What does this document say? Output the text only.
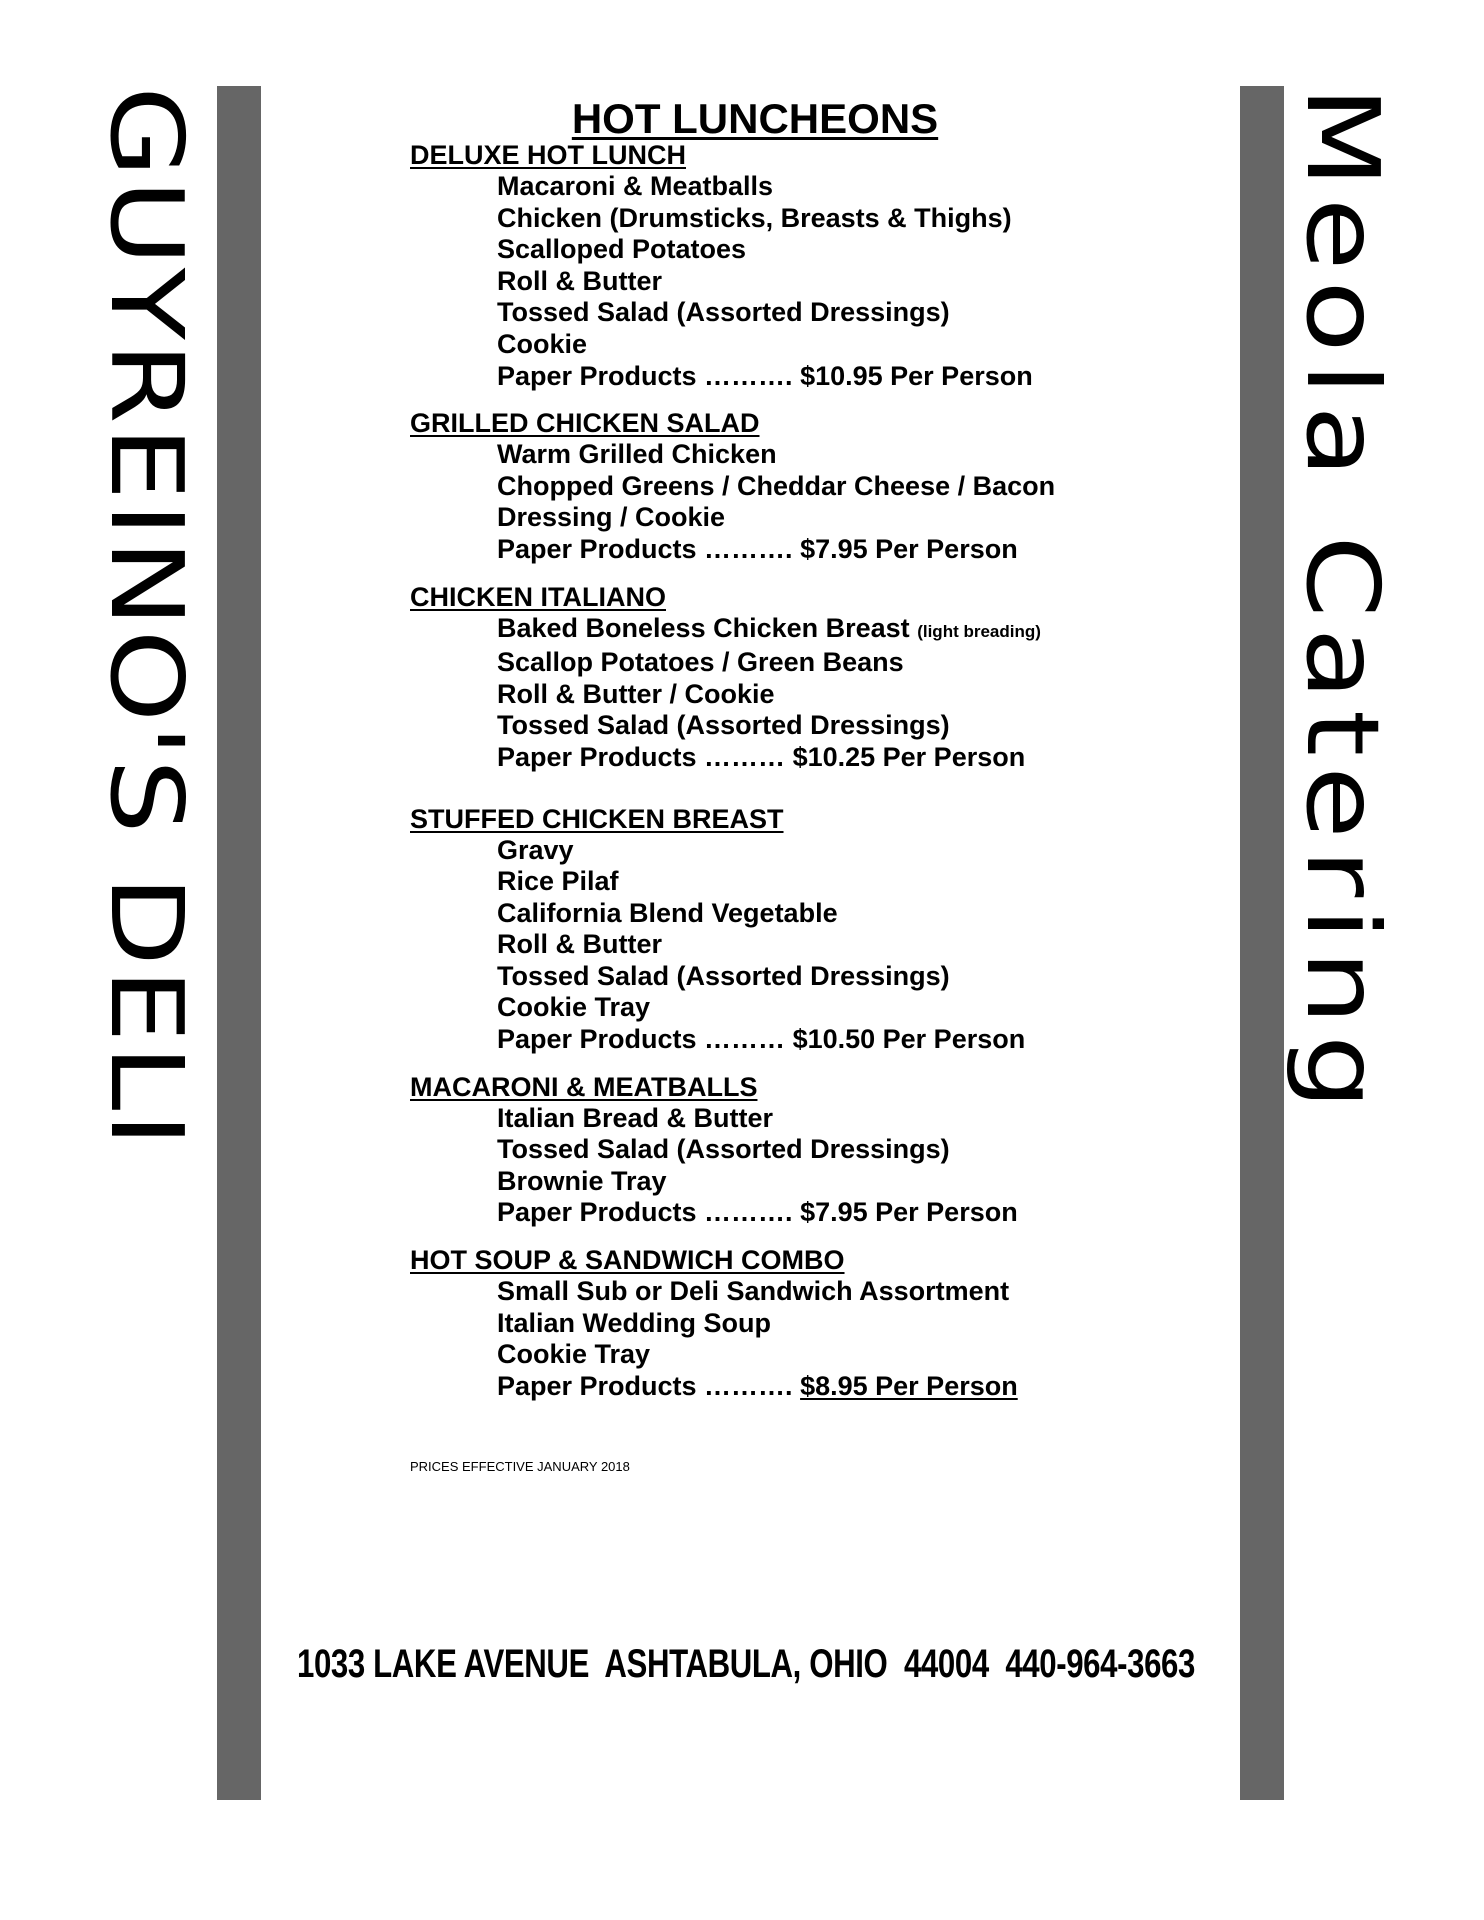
GUYREINO'S DELI	Meola Catering
HOT LUNCHEONS
DELUXE HOT LUNCH
Macaroni & Meatballs
Chicken (Drumsticks, Breasts & Thighs)
Scalloped Potatoes
Roll & Butter
Tossed Salad (Assorted Dressings)
Cookie
Paper Products ………. $10.95 Per Person
GRILLED CHICKEN SALAD
Warm Grilled Chicken
Chopped Greens / Cheddar Cheese / Bacon
Dressing / Cookie
Paper Products ………. $7.95 Per Person
CHICKEN ITALIANO
Baked Boneless Chicken Breast (light breading)
Scallop Potatoes / Green Beans
Roll & Butter / Cookie
Tossed Salad (Assorted Dressings)
Paper Products ……… $10.25 Per Person
STUFFED CHICKEN BREAST
Gravy
Rice Pilaf
California Blend Vegetable
Roll & Butter
Tossed Salad (Assorted Dressings)
Cookie Tray
Paper Products ……… $10.50 Per Person
MACARONI & MEATBALLS
Italian Bread & Butter
Tossed Salad (Assorted Dressings)
Brownie Tray
Paper Products ………. $7.95 Per Person
HOT SOUP & SANDWICH COMBO
Small Sub or Deli Sandwich Assortment
Italian Wedding Soup
Cookie Tray
Paper Products ………. $8.95 Per Person
PRICES EFFECTIVE JANUARY 2018
1033 LAKE AVENUE  ASHTABULA, OHIO  44004  440-964-3663
